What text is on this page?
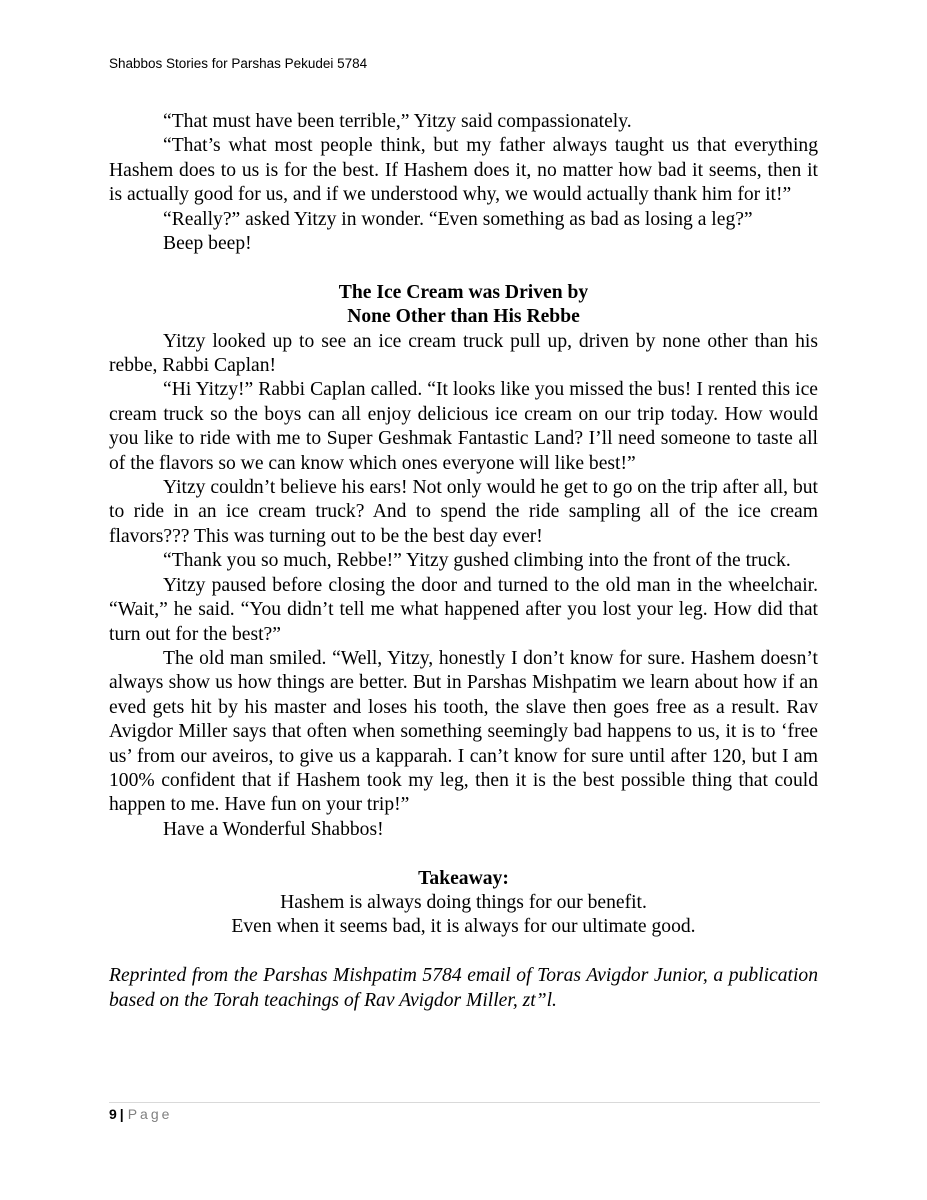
Shabbos Stories for Parshas Pekudei 5784

“That must have been terrible,” Yitzy said compassionately.

“That’s what most people think, but my father always taught us that everything Hashem does to us is for the best. If Hashem does it, no matter how bad it seems, then it is actually good for us, and if we understood why, we would actually thank him for it!”

“Really?” asked Yitzy in wonder. “Even something as bad as losing a leg?”

Beep beep!

The Ice Cream was Driven by

None Other than His Rebbe

Yitzy looked up to see an ice cream truck pull up, driven by none other than his rebbe, Rabbi Caplan!

“Hi Yitzy!” Rabbi Caplan called. “It looks like you missed the bus! I rented this ice cream truck so the boys can all enjoy delicious ice cream on our trip today. How would you like to ride with me to Super Geshmak Fantastic Land? I’ll need someone to taste all of the flavors so we can know which ones everyone will like best!”

Yitzy couldn’t believe his ears! Not only would he get to go on the trip after all, but to ride in an ice cream truck? And to spend the ride sampling all of the ice cream flavors??? This was turning out to be the best day ever!

“Thank you so much, Rebbe!” Yitzy gushed climbing into the front of the truck.

Yitzy paused before closing the door and turned to the old man in the wheelchair. “Wait,” he said. “You didn’t tell me what happened after you lost your leg. How did that turn out for the best?”

The old man smiled. “Well, Yitzy, honestly I don’t know for sure. Hashem doesn’t always show us how things are better. But in Parshas Mishpatim we learn about how if an eved gets hit by his master and loses his tooth, the slave then goes free as a result. Rav Avigdor Miller says that often when something seemingly bad happens to us, it is to ‘free us’ from our aveiros, to give us a kapparah. I can’t know for sure until after 120, but I am 100% confident that if Hashem took my leg, then it is the best possible thing that could happen to me. Have fun on your trip!”

Have a Wonderful Shabbos!

Takeaway:

Hashem is always doing things for our benefit.

Even when it seems bad, it is always for our ultimate good.

Reprinted from the Parshas Mishpatim 5784 email of Toras Avigdor Junior, a publication based on the Torah teachings of Rav Avigdor Miller, zt”l.

9 | Page
